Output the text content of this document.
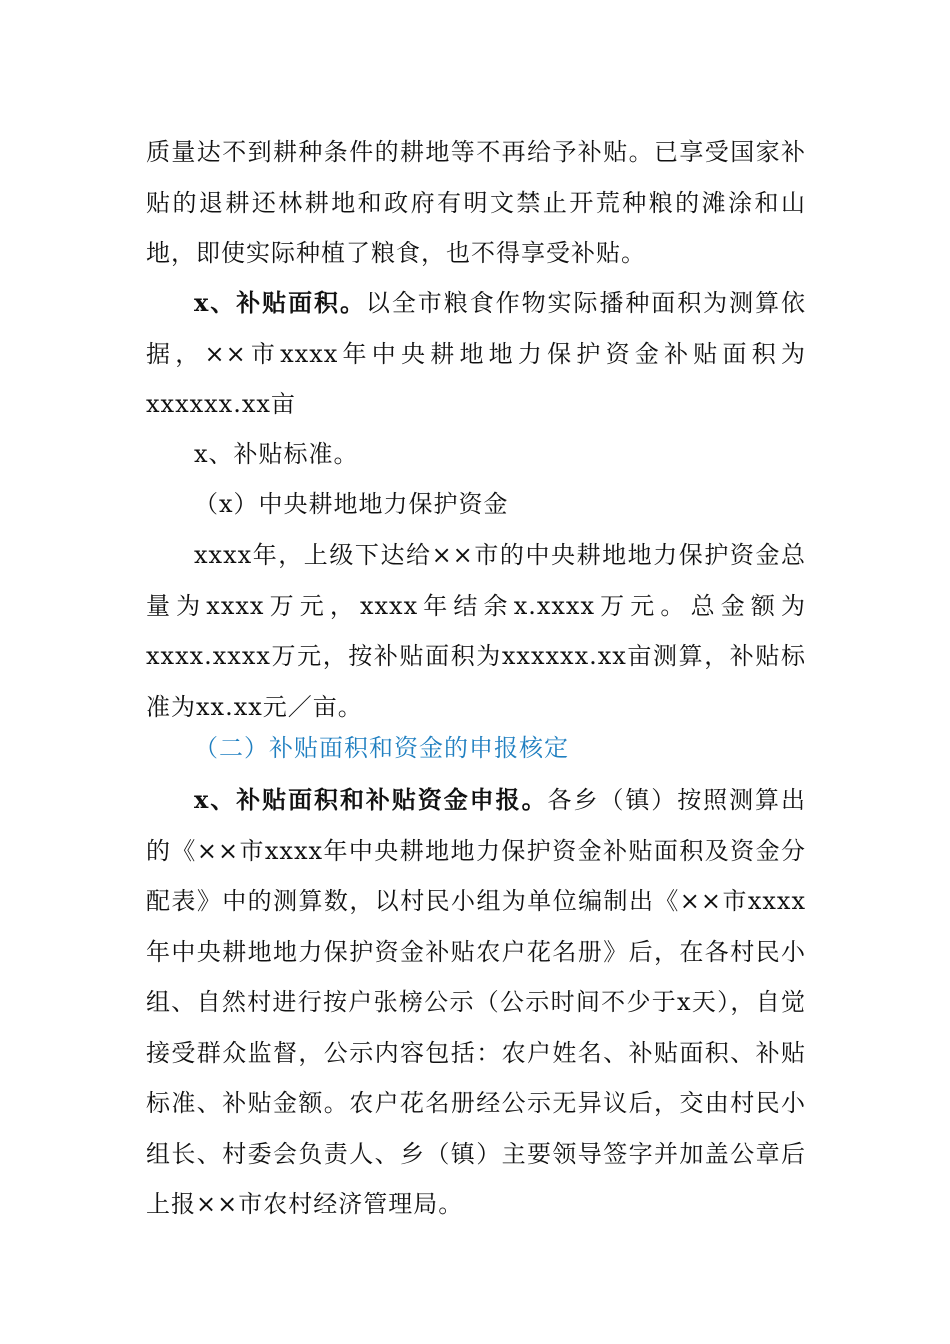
质量达不到耕种条件的耕地等不再给予补贴。已享受国家补贴的退耕还林耕地和政府有明文禁止开荒种粮的滩涂和山地，即使实际种植了粮食，也不得享受补贴。

x、补贴面积。以全市粮食作物实际播种面积为测算依据，××市xxxx年中央耕地地力保护资金补贴面积为xxxxxx.xx亩

x、补贴标准。

（x）中央耕地地力保护资金

xxxx年，上级下达给××市的中央耕地地力保护资金总量为xxxx万元，xxxx年结余x.xxxx万元。总金额为xxxx.xxxx万元，按补贴面积为xxxxxx.xx亩测算，补贴标准为xx.xx元／亩。

（二）补贴面积和资金的申报核定

x、补贴面积和补贴资金申报。各乡（镇）按照测算出的《××市xxxx年中央耕地地力保护资金补贴面积及资金分配表》中的测算数，以村民小组为单位编制出《××市xxxx年中央耕地地力保护资金补贴农户花名册》后，在各村民小组、自然村进行按户张榜公示（公示时间不少于x天），自觉接受群众监督，公示内容包括：农户姓名、补贴面积、补贴标准、补贴金额。农户花名册经公示无异议后，交由村民小组长、村委会负责人、乡（镇）主要领导签字并加盖公章后上报××市农村经济管理局。
